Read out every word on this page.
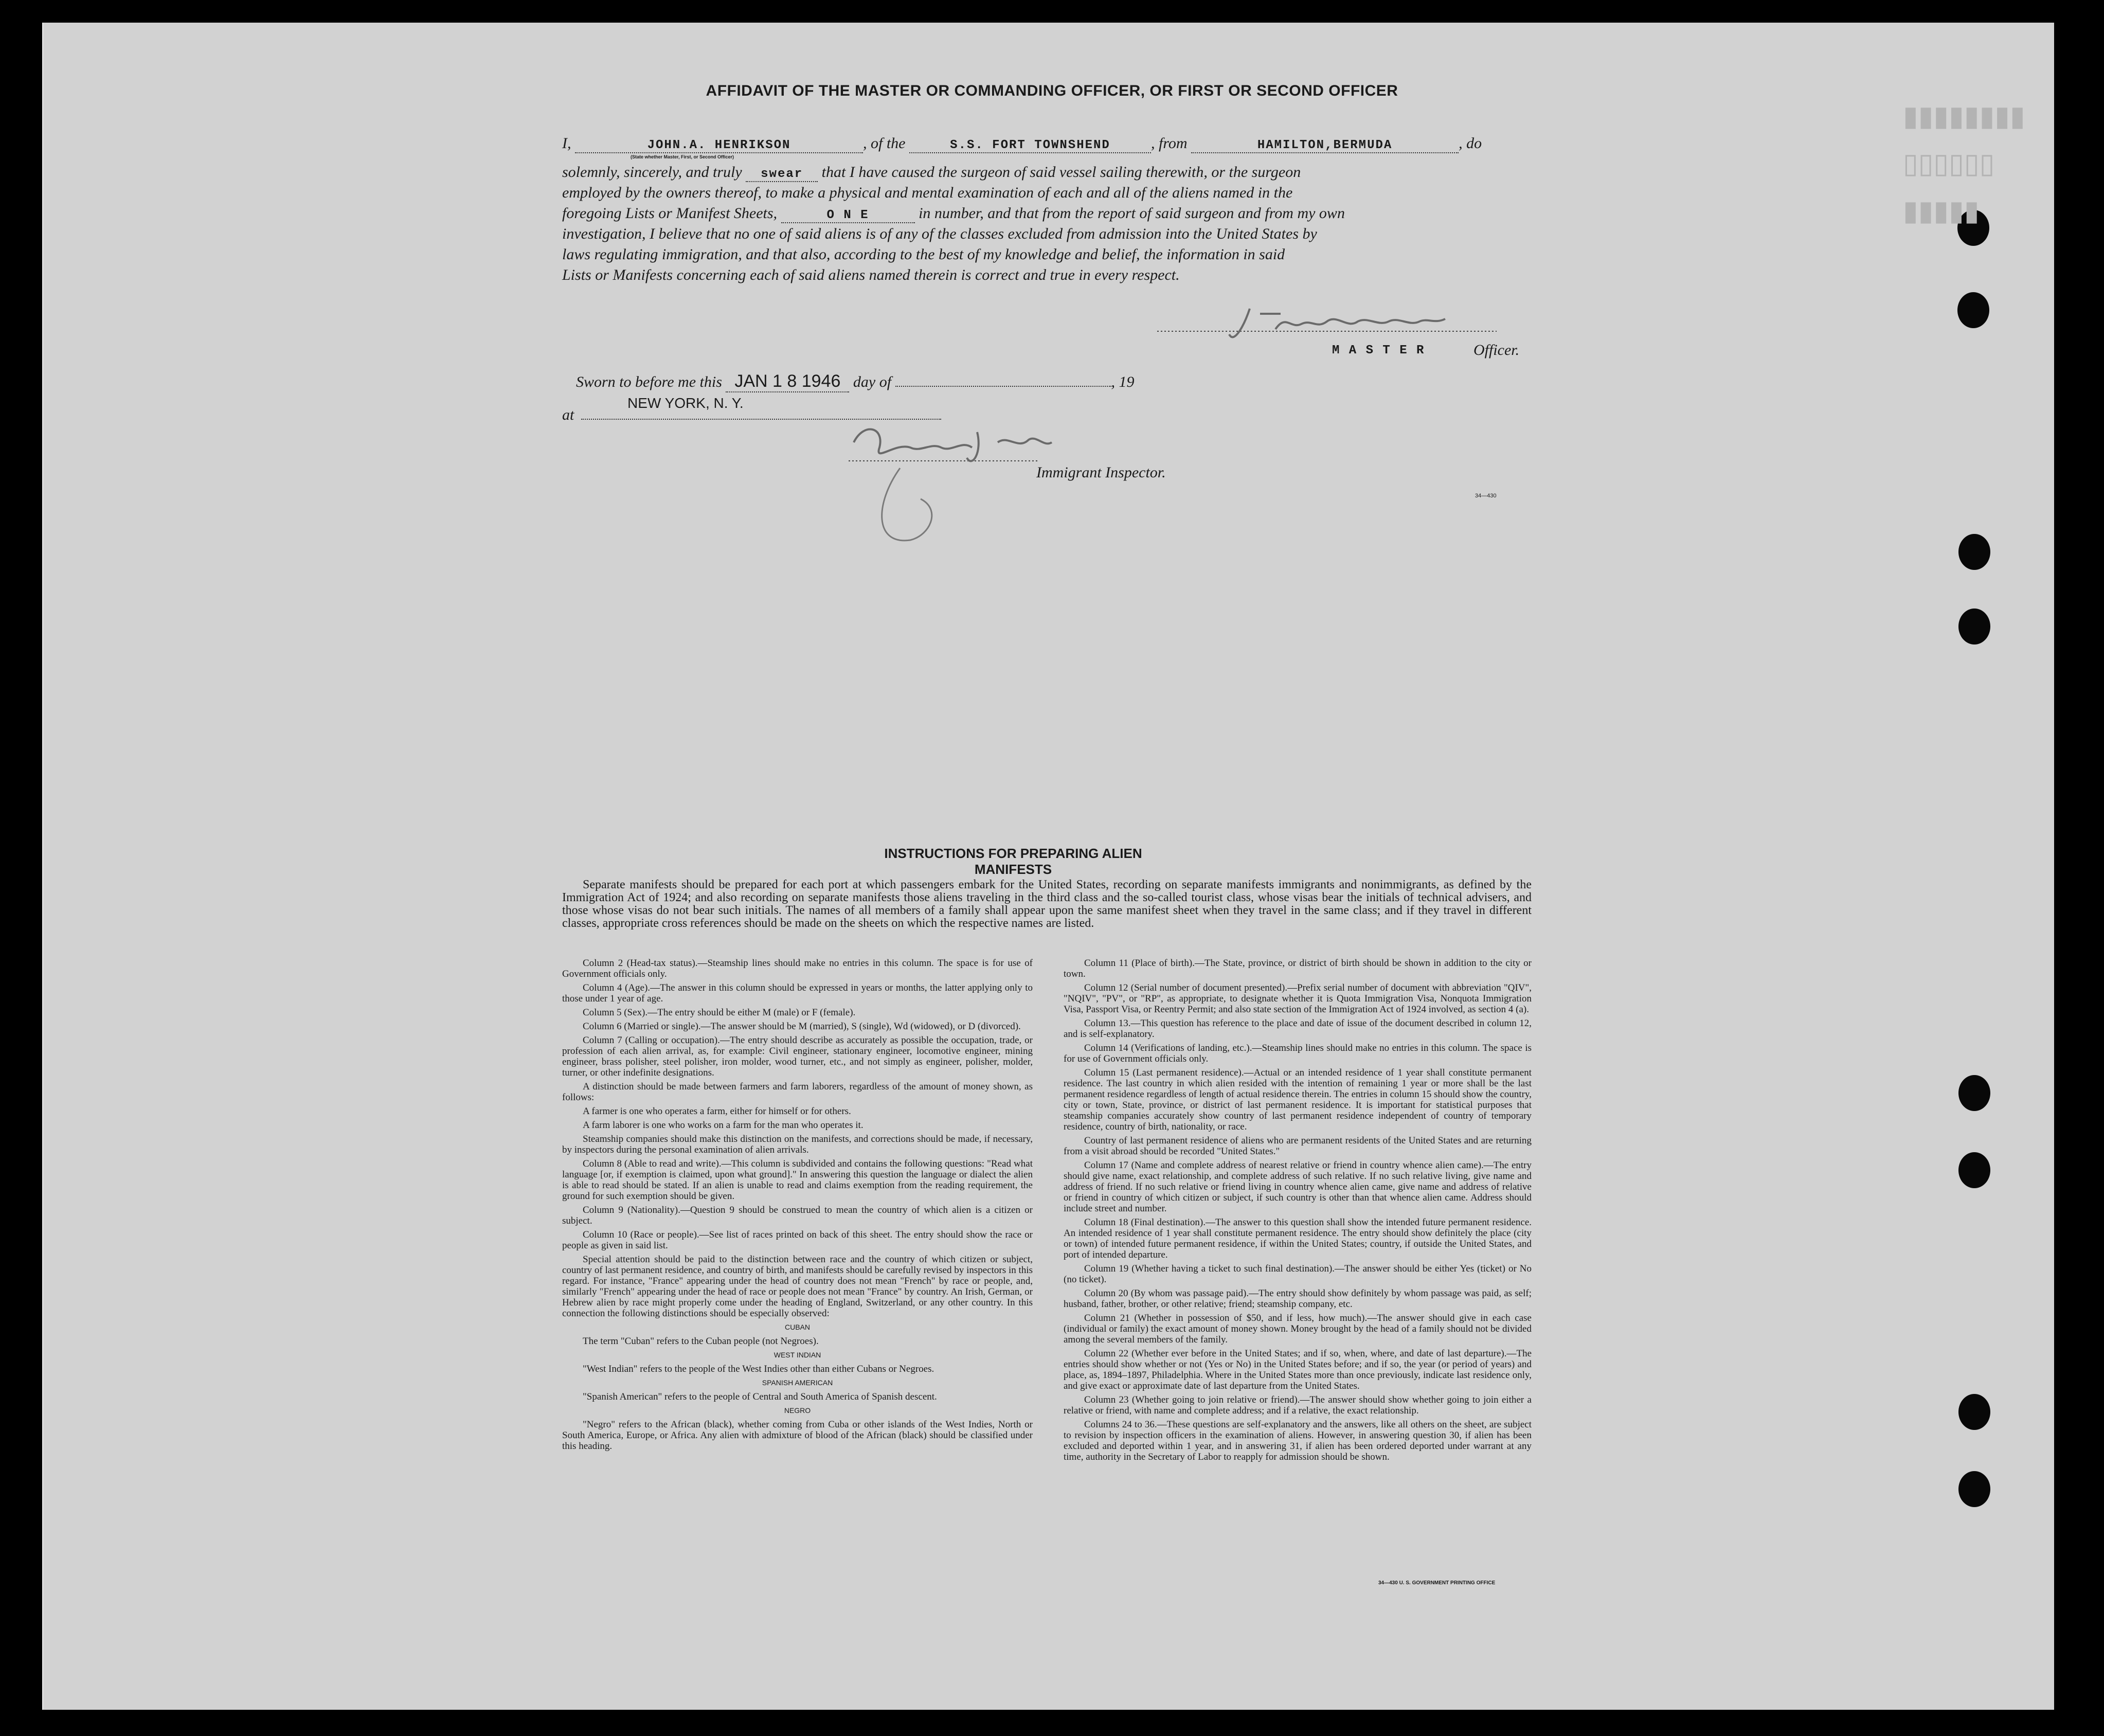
▮▮▮▮▮▮▮▮
▯▯▯▯▯▯
▮▮▮▮▮
AFFIDAVIT OF THE MASTER OR COMMANDING OFFICER, OR FIRST OR SECOND OFFICER
I,	JOHN.A. HENRIKSON	, of the	S.S. FORT TOWNSHEND	, from	HAMILTON,BERMUDA	, do
(State whether Master, First, or Second Officer)
solemnly, sincerely, and truly swear that I have caused the surgeon of said vessel sailing therewith, or the surgeon
employed by the owners thereof, to make a physical and mental examination of each and all of the aliens named in the
foregoing Lists or Manifest Sheets,	O N E	in number, and that from the report of said surgeon and from my own
investigation, I believe that no one of said aliens is of any of the classes excluded from admission into the United States by
laws regulating immigration, and that also, according to the best of my knowledge and belief, the information in said
Lists or Manifests concerning each of said aliens named therein is correct and true in every respect.
M A S T E R	Officer.
Sworn to before me this JAN 1 8 1946 day of	, 19
at
NEW YORK, N. Y.
Immigrant Inspector.
34—430
INSTRUCTIONS FOR PREPARING ALIEN MANIFESTS
Separate manifests should be prepared for each port at which passengers embark for the United States, recording on separate manifests immigrants and nonimmigrants, as defined by the Immigration Act of 1924; and also recording on separate manifests those aliens traveling in the third class and the so-called tourist class, whose visas bear the initials of technical advisers, and those whose visas do not bear such initials. The names of all members of a family shall appear upon the same manifest sheet when they travel in the same class; and if they travel in different classes, appropriate cross references should be made on the sheets on which the respective names are listed.

Column 2 (Head-tax status).—Steamship lines should make no entries in this column. The space is for use of Government officials only.

Column 4 (Age).—The answer in this column should be expressed in years or months, the latter applying only to those under 1 year of age.

Column 5 (Sex).—The entry should be either M (male) or F (female).

Column 6 (Married or single).—The answer should be M (married), S (single), Wd (widowed), or D (divorced).

Column 7 (Calling or occupation).—The entry should describe as accurately as possible the occupation, trade, or profession of each alien arrival, as, for example: Civil engineer, stationary engineer, locomotive engineer, mining engineer, brass polisher, steel polisher, iron molder, wood turner, etc., and not simply as engineer, polisher, molder, turner, or other indefinite designations.

A distinction should be made between farmers and farm laborers, regardless of the amount of money shown, as follows:

A farmer is one who operates a farm, either for himself or for others.

A farm laborer is one who works on a farm for the man who operates it.

Steamship companies should make this distinction on the manifests, and corrections should be made, if necessary, by inspectors during the personal examination of alien arrivals.

Column 8 (Able to read and write).—This column is subdivided and contains the following questions: "Read what language [or, if exemption is claimed, upon what ground]." In answering this question the language or dialect the alien is able to read should be stated. If an alien is unable to read and claims exemption from the reading requirement, the ground for such exemption should be given.

Column 9 (Nationality).—Question 9 should be construed to mean the country of which alien is a citizen or subject.

Column 10 (Race or people).—See list of races printed on back of this sheet. The entry should show the race or people as given in said list.

Special attention should be paid to the distinction between race and the country of which citizen or subject, country of last permanent residence, and country of birth, and manifests should be carefully revised by inspectors in this regard. For instance, "France" appearing under the head of country does not mean "French" by race or people, and, similarly "French" appearing under the head of race or people does not mean "France" by country. An Irish, German, or Hebrew alien by race might properly come under the heading of England, Switzerland, or any other country. In this connection the following distinctions should be especially observed:

CUBAN

The term "Cuban" refers to the Cuban people (not Negroes).

WEST INDIAN

"West Indian" refers to the people of the West Indies other than either Cubans or Negroes.

SPANISH AMERICAN

"Spanish American" refers to the people of Central and South America of Spanish descent.

NEGRO

"Negro" refers to the African (black), whether coming from Cuba or other islands of the West Indies, North or South America, Europe, or Africa. Any alien with admixture of blood of the African (black) should be classified under this heading.

Column 11 (Place of birth).—The State, province, or district of birth should be shown in addition to the city or town.

Column 12 (Serial number of document presented).—Prefix serial number of document with abbreviation "QIV", "NQIV", "PV", or "RP", as appropriate, to designate whether it is Quota Immigration Visa, Nonquota Immigration Visa, Passport Visa, or Reentry Permit; and also state section of the Immigration Act of 1924 involved, as section 4 (a).

Column 13.—This question has reference to the place and date of issue of the document described in column 12, and is self-explanatory.

Column 14 (Verifications of landing, etc.).—Steamship lines should make no entries in this column. The space is for use of Government officials only.

Column 15 (Last permanent residence).—Actual or an intended residence of 1 year shall constitute permanent residence. The last country in which alien resided with the intention of remaining 1 year or more shall be the last permanent residence regardless of length of actual residence therein. The entries in column 15 should show the country, city or town, State, province, or district of last permanent residence. It is important for statistical purposes that steamship companies accurately show country of last permanent residence independent of country of temporary residence, country of birth, nationality, or race.

Country of last permanent residence of aliens who are permanent residents of the United States and are returning from a visit abroad should be recorded "United States."

Column 17 (Name and complete address of nearest relative or friend in country whence alien came).—The entry should give name, exact relationship, and complete address of such relative. If no such relative living, give name and address of friend. If no such relative or friend living in country whence alien came, give name and address of relative or friend in country of which citizen or subject, if such country is other than that whence alien came. Address should include street and number.

Column 18 (Final destination).—The answer to this question shall show the intended future permanent residence. An intended residence of 1 year shall constitute permanent residence. The entry should show definitely the place (city or town) of intended future permanent residence, if within the United States; country, if outside the United States, and port of intended departure.

Column 19 (Whether having a ticket to such final destination).—The answer should be either Yes (ticket) or No (no ticket).

Column 20 (By whom was passage paid).—The entry should show definitely by whom passage was paid, as self; husband, father, brother, or other relative; friend; steamship company, etc.

Column 21 (Whether in possession of $50, and if less, how much).—The answer should give in each case (individual or family) the exact amount of money shown. Money brought by the head of a family should not be divided among the several members of the family.

Column 22 (Whether ever before in the United States; and if so, when, where, and date of last departure).—The entries should show whether or not (Yes or No) in the United States before; and if so, the year (or period of years) and place, as, 1894–1897, Philadelphia. Where in the United States more than once previously, indicate last residence only, and give exact or approximate date of last departure from the United States.

Column 23 (Whether going to join relative or friend).—The answer should show whether going to join either a relative or friend, with name and complete address; and if a relative, the exact relationship.

Columns 24 to 36.—These questions are self-explanatory and the answers, like all others on the sheet, are subject to revision by inspection officers in the examination of aliens. However, in answering question 30, if alien has been excluded and deported within 1 year, and in answering 31, if alien has been ordered deported under warrant at any time, authority in the Secretary of Labor to reapply for admission should be shown.

34—430 U. S. GOVERNMENT PRINTING OFFICE
